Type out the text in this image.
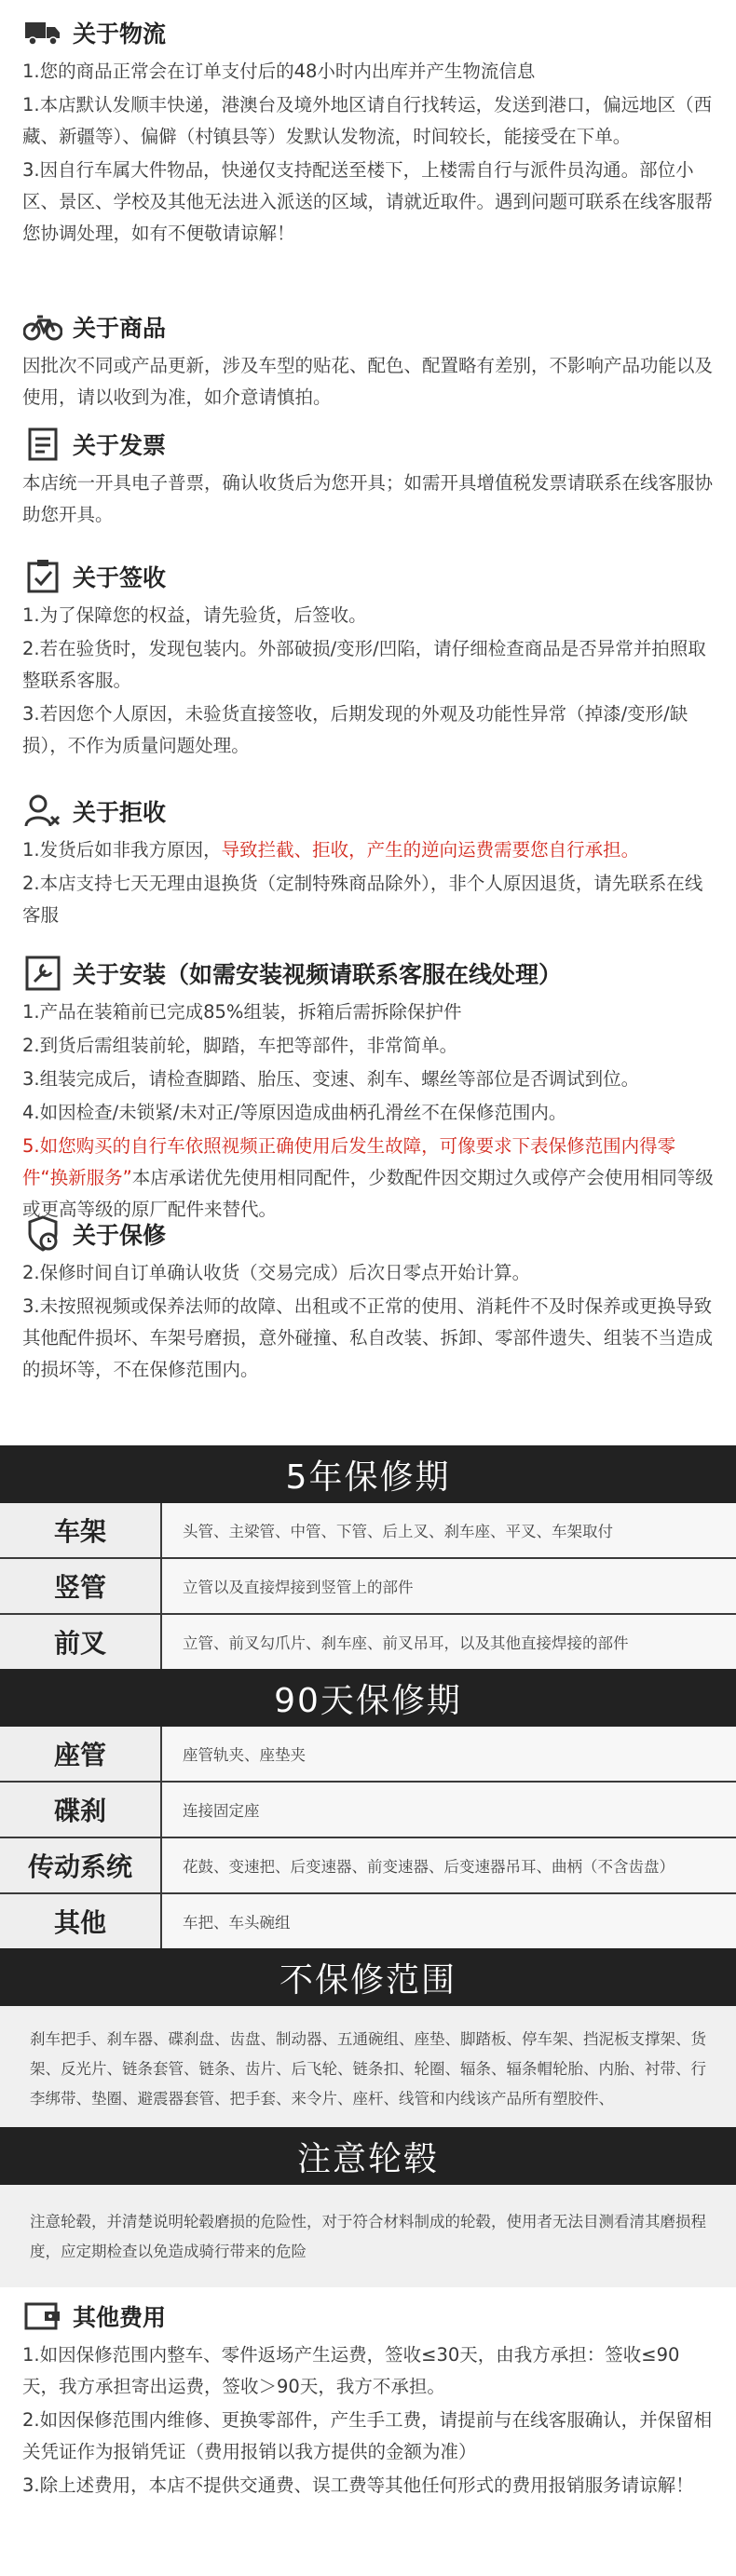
关于物流

1.您的商品正常会在订单支付后的48小时内出库并产生物流信息

1.本店默认发顺丰快递，港澳台及境外地区请自行找转运，发送到港口，偏远地区（西藏、新疆等）、偏僻（村镇县等）发默认发物流，时间较长，能接受在下单。

3.因自行车属大件物品，快递仅支持配送至楼下，上楼需自行与派件员沟通。部位小区、景区、学校及其他无法进入派送的区域，请就近取件。遇到问题可联系在线客服帮您协调处理，如有不便敬请谅解！

关于商品

因批次不同或产品更新，涉及车型的贴花、配色、配置略有差别，不影响产品功能以及使用，请以收到为准，如介意请慎拍。

关于发票

本店统一开具电子普票，确认收货后为您开具；如需开具增值税发票请联系在线客服协助您开具。

关于签收

1.为了保障您的权益，请先验货，后签收。

2.若在验货时，发现包装内。外部破损/变形/凹陷，请仔细检查商品是否异常并拍照取整联系客服。

3.若因您个人原因，未验货直接签收，后期发现的外观及功能性异常（掉漆/变形/缺损），不作为质量问题处理。

关于拒收

1.发货后如非我方原因，导致拦截、拒收，产生的逆向运费需要您自行承担。

2.本店支持七天无理由退换货（定制特殊商品除外），非个人原因退货，请先联系在线客服

关于安装（如需安装视频请联系客服在线处理）

1.产品在装箱前已完成85%组装，拆箱后需拆除保护件

2.到货后需组装前轮，脚踏，车把等部件，非常简单。

3.组装完成后，请检查脚踏、胎压、变速、刹车、螺丝等部位是否调试到位。

4.如因检查/未锁紧/未对正/等原因造成曲柄孔滑丝不在保修范围内。

5.如您购买的自行车依照视频正确使用后发生故障，可像要求下表保修范围内得零件“换新服务”本店承诺优先使用相同配件，少数配件因交期过久或停产会使用相同等级或更高等级的原厂配件来替代。

关于保修

2.保修时间自订单确认收货（交易完成）后次日零点开始计算。

3.未按照视频或保养法师的故障、出租或不正常的使用、消耗件不及时保养或更换导致其他配件损坏、车架号磨损，意外碰撞、私自改装、拆卸、零部件遗失、组装不当造成的损坏等，不在保修范围内。

5年保修期
车架	头管、主梁管、中管、下管、后上叉、刹车座、平叉、车架取付
竖管	立管以及直接焊接到竖管上的部件
前叉	立管、前叉勾爪片、刹车座、前叉吊耳，以及其他直接焊接的部件
90天保修期
座管	座管轨夹、座垫夹
碟刹	连接固定座
传动系统	花鼓、变速把、后变速器、前变速器、后变速器吊耳、曲柄（不含齿盘）
其他	车把、车头碗组
不保修范围
刹车把手、刹车器、碟刹盘、齿盘、制动器、五通碗组、座垫、脚踏板、停车架、挡泥板支撑架、货架、反光片、链条套管、链条、齿片、后飞轮、链条扣、轮圈、辐条、辐条帽轮胎、内胎、衬带、行李绑带、垫圈、避震器套管、把手套、来令片、座杆、线管和内线该产品所有塑胶件、
注意轮毂
注意轮毂，并清楚说明轮毂磨损的危险性，对于符合材料制成的轮毂，使用者无法目测看清其磨损程度，应定期检查以免造成骑行带来的危险
其他费用

1.如因保修范围内整车、零件返场产生运费，签收≤30天，由我方承担：签收≤90天，我方承担寄出运费，签收＞90天，我方不承担。

2.如因保修范围内维修、更换零部件，产生手工费，请提前与在线客服确认，并保留相关凭证作为报销凭证（费用报销以我方提供的金额为准）

3.除上述费用，本店不提供交通费、误工费等其他任何形式的费用报销服务请谅解！
